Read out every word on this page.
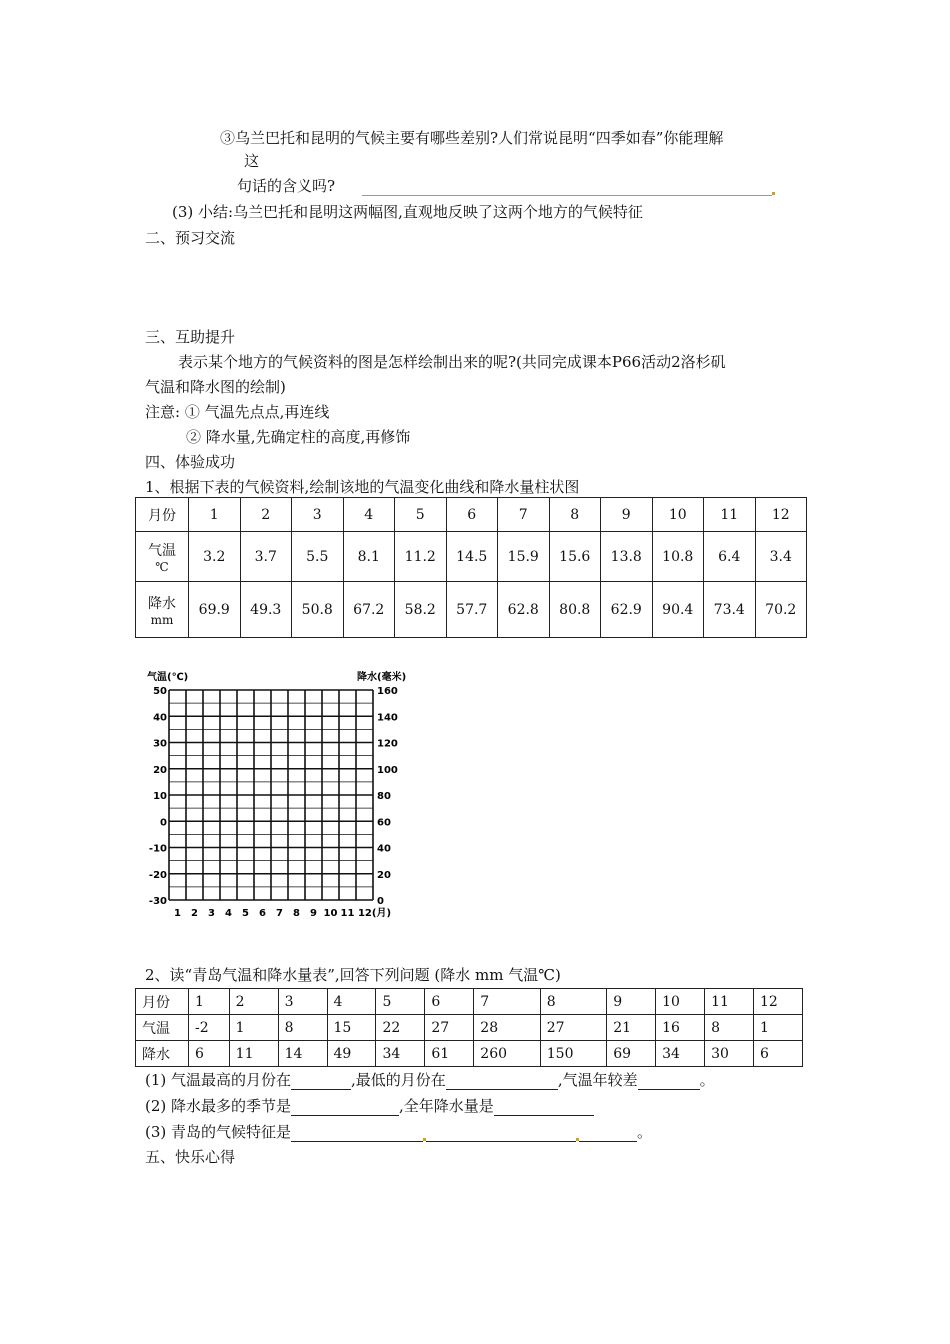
③乌兰巴托和昆明的气候主要有哪些差别?人们常说昆明“四季如春”你能理解
这
句话的含义吗?
(3) 小结:乌兰巴托和昆明这两幅图,直观地反映了这两个地方的气候特征
二、预习交流
三、互助提升
表示某个地方的气候资料的图是怎样绘制出来的呢?(共同完成课本P66活动2洛杉矶
气温和降水图的绘制)
注意: ① 气温先点点,再连线
② 降水量,先确定柱的高度,再修饰
四、体验成功
1、根据下表的气候资料,绘制该地的气温变化曲线和降水量柱状图
月份	1	2	3	4	5	6	7	8	9	10	11	12

气温
℃	3.2	3.7	5.5	8.1	11.2	14.5	15.9	15.6	13.8	10.8	6.4	3.4

降水
mm	69.9	49.3	50.8	67.2	58.2	57.7	62.8	80.8	62.9	90.4	73.4	70.2
气温(℃)	降水(毫米)
50
40
30
20
10
0
-10
-20
-30
160
140
120
100
80
60
40
20
0
1 2 3 4 5 6 7 8 9 10 11 12(月)
2、读“青岛气温和降水量表”,回答下列问题 (降水 mm 气温℃)
月份	1	2	3	4	5	6	7	8	9	10	11	12
气温	-2	1	8	15	22	27	28	27	21	16	8	1
降水	6	11	14	49	34	61	260	150	69	34	30	6
(1) 气温最高的月份在	,最低的月份在	,气温年较差	。
(2) 降水最多的季节是	,全年降水量是
(3) 青岛的气候特征是	。
五、快乐心得
